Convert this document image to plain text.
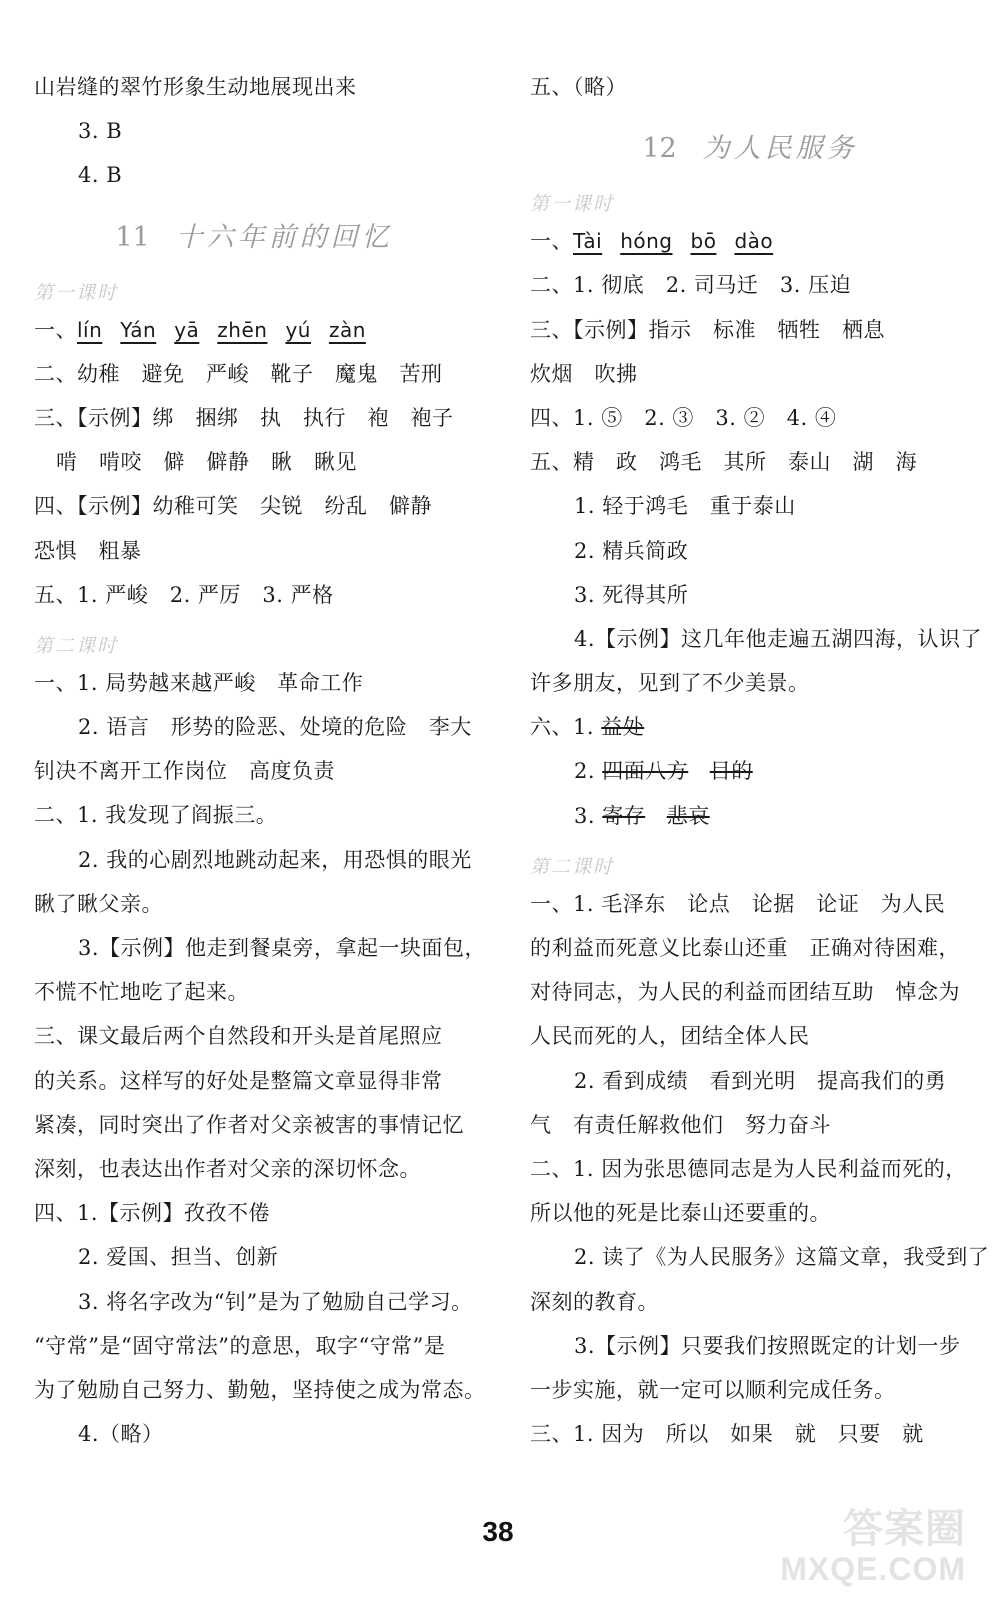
山岩缝的翠竹形象生动地展现出来
3. B
4. B
11 十六年前的回忆
第一课时
一、lín Yán yā zhēn yú zàn
二、幼稚　避免　严峻　靴子　魔鬼　苦刑
三、【示例】绑　捆绑　执　执行　袍　袍子
啃　啃咬　僻　僻静　瞅　瞅见
四、【示例】幼稚可笑　尖锐　纷乱　僻静
恐惧　粗暴
五、1. 严峻　2. 严厉　3. 严格
第二课时
一、1. 局势越来越严峻　革命工作
2. 语言　形势的险恶、处境的危险　李大
钊决不离开工作岗位　高度负责
二、1. 我发现了阎振三。
2. 我的心剧烈地跳动起来，用恐惧的眼光
瞅了瞅父亲。
3.【示例】他走到餐桌旁，拿起一块面包，
不慌不忙地吃了起来。
三、课文最后两个自然段和开头是首尾照应
的关系。这样写的好处是整篇文章显得非常
紧凑，同时突出了作者对父亲被害的事情记忆
深刻，也表达出作者对父亲的深切怀念。
四、1.【示例】孜孜不倦
2. 爱国、担当、创新
3. 将名字改为“钊”是为了勉励自己学习。
“守常”是“固守常法”的意思，取字“守常”是
为了勉励自己努力、勤勉，坚持使之成为常态。
4.（略）
五、（略）
12 为人民服务
第一课时
一、Tài hóng bō dào
二、1. 彻底　2. 司马迁　3. 压迫
三、【示例】指示　标准　牺牲　栖息
炊烟　吹拂
四、1. ⑤　2. ③　3. ②　4. ④
五、精　政　鸿毛　其所　泰山　湖　海
1. 轻于鸿毛　重于泰山
2. 精兵简政
3. 死得其所
4.【示例】这几年他走遍五湖四海，认识了
许多朋友，见到了不少美景。
六、1. 益处
2. 四面八方　 目的
3. 寄存　 悲哀
第二课时
一、1. 毛泽东　论点　论据　论证　为人民
的利益而死意义比泰山还重　正确对待困难，
对待同志，为人民的利益而团结互助　悼念为
人民而死的人，团结全体人民
2. 看到成绩　看到光明　提高我们的勇
气　有责任解救他们　努力奋斗
二、1. 因为张思德同志是为人民利益而死的，
所以他的死是比泰山还要重的。
2. 读了《为人民服务》这篇文章，我受到了
深刻的教育。
3.【示例】只要我们按照既定的计划一步
一步实施，就一定可以顺利完成任务。
三、1. 因为　所以　如果　就　只要　就
38	答案圈
MXQE.COM
